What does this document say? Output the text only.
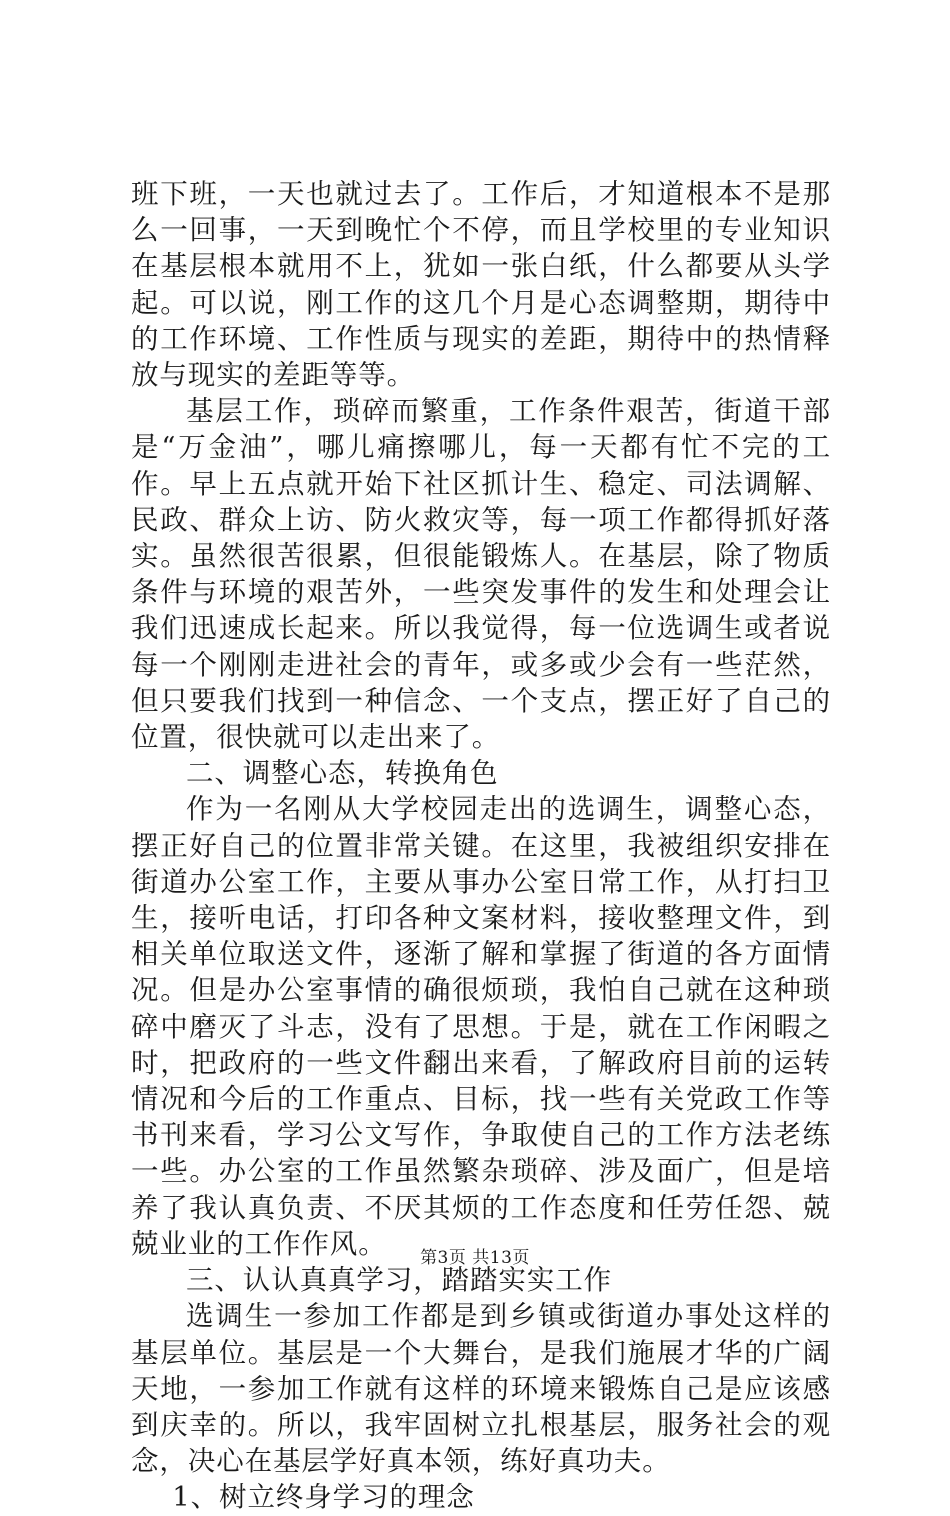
班下班，一天也就过去了。工作后，才知道根本不是那么一回事，一天到晚忙个不停，而且学校里的专业知识在基层根本就用不上，犹如一张白纸，什么都要从头学起。可以说，刚工作的这几个月是心态调整期，期待中的工作环境、工作性质与现实的差距，期待中的热情释放与现实的差距等等。

基层工作，琐碎而繁重，工作条件艰苦，街道干部是“万金油”，哪儿痛擦哪儿，每一天都有忙不完的工作。早上五点就开始下社区抓计生、稳定、司法调解、民政、群众上访、防火救灾等，每一项工作都得抓好落实。虽然很苦很累，但很能锻炼人。在基层，除了物质条件与环境的艰苦外，一些突发事件的发生和处理会让我们迅速成长起来。所以我觉得，每一位选调生或者说每一个刚刚走进社会的青年，或多或少会有一些茫然，但只要我们找到一种信念、一个支点，摆正好了自己的位置，很快就可以走出来了。

二、调整心态，转换角色

作为一名刚从大学校园走出的选调生，调整心态，摆正好自己的位置非常关键。在这里，我被组织安排在街道办公室工作，主要从事办公室日常工作，从打扫卫生，接听电话，打印各种文案材料，接收整理文件，到相关单位取送文件，逐渐了解和掌握了街道的各方面情况。但是办公室事情的确很烦琐，我怕自己就在这种琐碎中磨灭了斗志，没有了思想。于是，就在工作闲暇之时，把政府的一些文件翻出来看，了解政府目前的运转情况和今后的工作重点、目标，找一些有关党政工作等书刊来看，学习公文写作，争取使自己的工作方法老练一些。办公室的工作虽然繁杂琐碎、涉及面广，但是培养了我认真负责、不厌其烦的工作态度和任劳任怨、兢兢业业的工作作风。

三、认认真真学习，踏踏实实工作

选调生一参加工作都是到乡镇或街道办事处这样的基层单位。基层是一个大舞台，是我们施展才华的广阔天地，一参加工作就有这样的环境来锻炼自己是应该感到庆幸的。所以，我牢固树立扎根基层，服务社会的观念，决心在基层学好真本领，练好真功夫。

1、树立终身学习的理念

第3页 共13页
